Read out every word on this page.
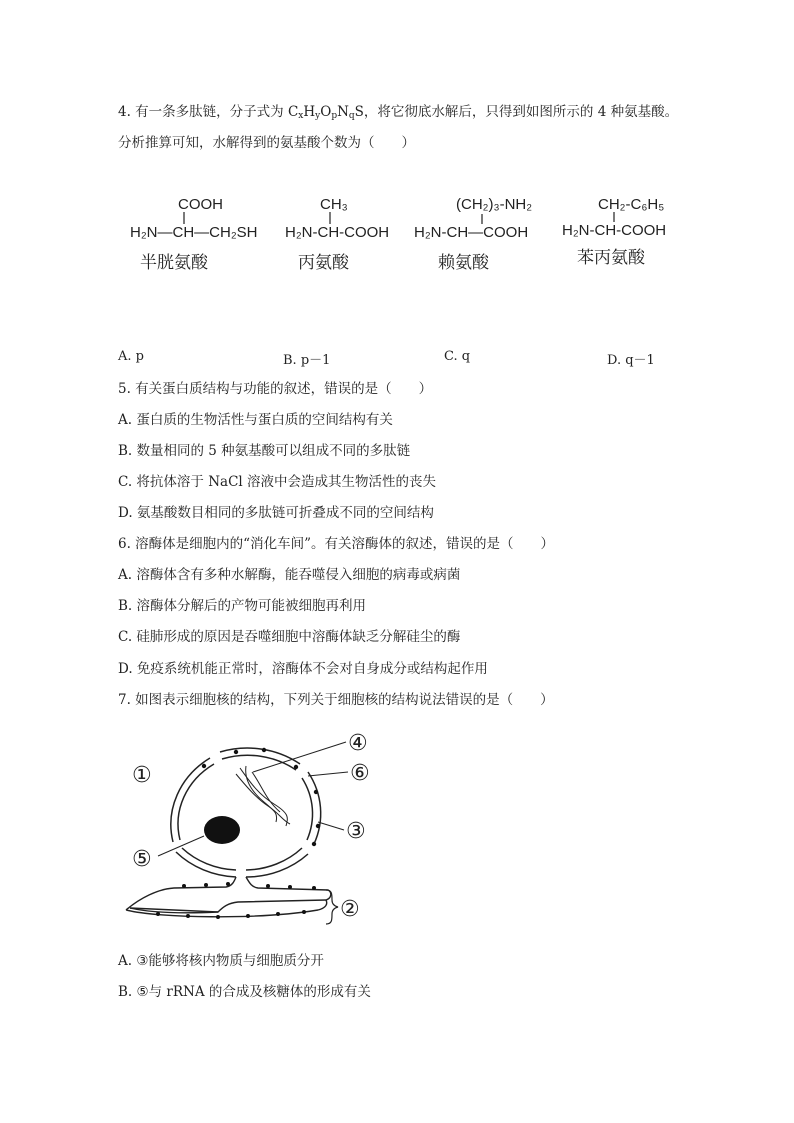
4. 有一条多肽链，分子式为 $C_xH_yO_pN_qS$，将它彻底水解后，只得到如图所示的 4 种氨基酸。
分析推算可知，水解得到的氨基酸个数为（　　）
COOH
H₂N—CH—CH₂SH
半胱氨酸
CH₃
H₂N-CH-COOH
丙氨酸
(CH₂)₃-NH₂
H₂N-CH—COOH
赖氨酸
CH₂-C₆H₅
H₂N-CH-COOH
苯丙氨酸
A. p	B. p－1	C. q	D. q－1
5. 有关蛋白质结构与功能的叙述，错误的是（　　）
A. 蛋白质的生物活性与蛋白质的空间结构有关
B. 数量相同的 5 种氨基酸可以组成不同的多肽链
C. 将抗体溶于 NaCl 溶液中会造成其生物活性的丧失
D. 氨基酸数目相同的多肽链可折叠成不同的空间结构
6. 溶酶体是细胞内的“消化车间”。有关溶酶体的叙述，错误的是（　　）
A. 溶酶体含有多种水解酶，能吞噬侵入细胞的病毒或病菌
B. 溶酶体分解后的产物可能被细胞再利用
C. 硅肺形成的原因是吞噬细胞中溶酶体缺乏分解硅尘的酶
D. 免疫系统机能正常时，溶酶体不会对自身成分或结构起作用
7. 如图表示细胞核的结构，下列关于细胞核的结构说法错误的是（　　）
④
⑥
③
①
⑤
②
A. ③能够将核内物质与细胞质分开
B. ⑤与 rRNA 的合成及核糖体的形成有关
